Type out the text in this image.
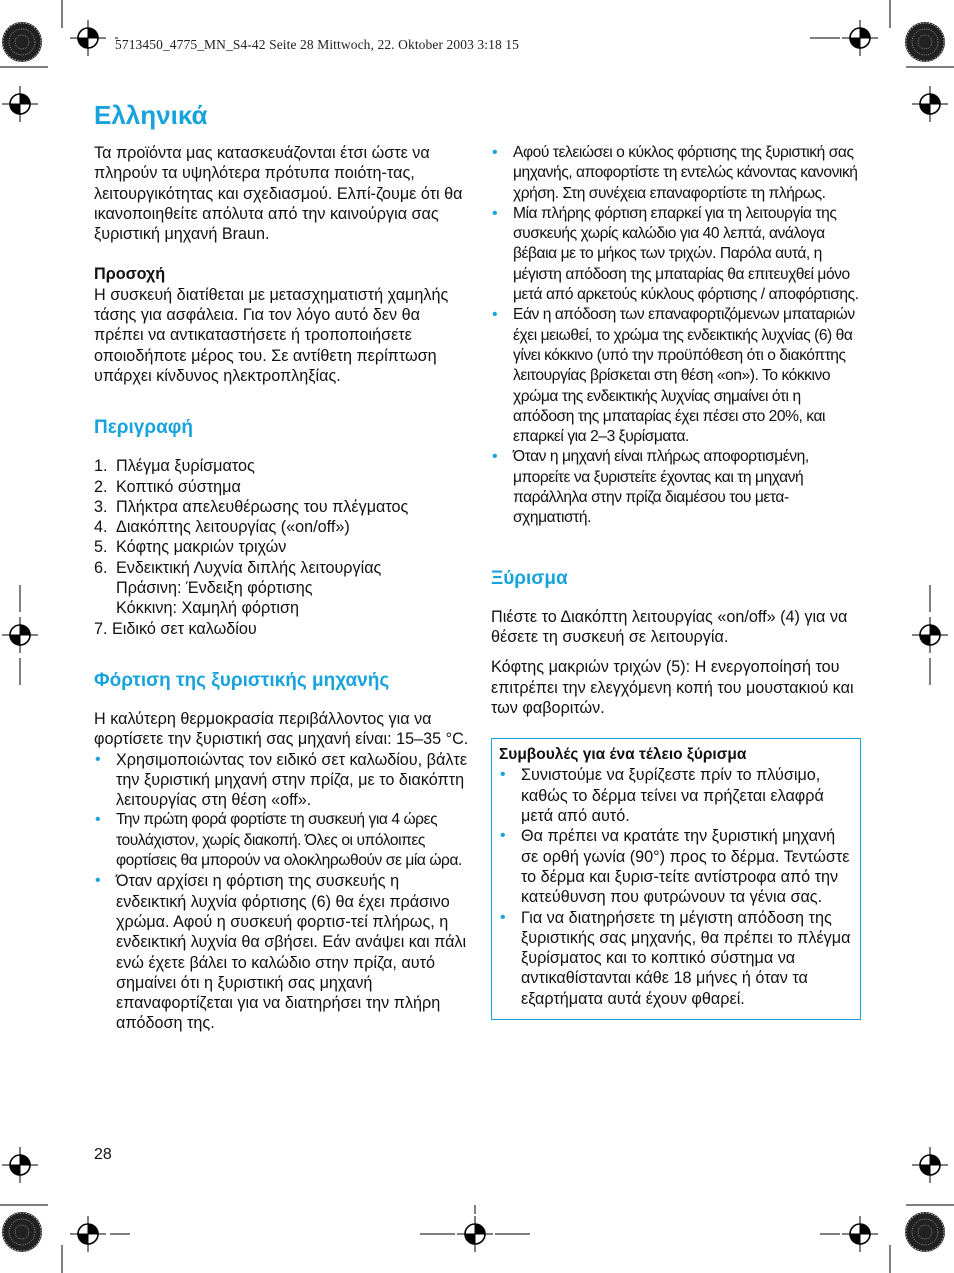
5713450_4775_MN_S4-42 Seite 28 Mittwoch, 22. Oktober 2003 3:18 15
Ελληνικά

Τα προϊόντα μας κατασκευάζονται έτσι ώστε να πληρούν τα υψηλότερα πρότυπα ποιότη-τας, λειτουργικότητας και σχεδιασμού. Ελπί-ζουμε ότι θα ικανοποιηθείτε απόλυτα από την καινούργια σας ξυριστική μηχανή Braun.

Προσοχή

Η συσκευή διατίθεται με μετασχηματιστή χαμηλής τάσης για ασφάλεια. Για τον λόγο αυτό δεν θα πρέπει να αντικαταστήσετε ή τροποποιήσετε οποιοδήποτε μέρος του. Σε αντίθετη περίπτωση υπάρχει κίνδυνος ηλεκτροπληξίας.

Περιγραφή
1. Πλέγμα ξυρίσματος
2. Κοπτικό σύστημα
3. Πλήκτρα απελευθέρωσης του πλέγματος
4. Διακόπτης λειτουργίας («on/off»)
5. Κόφτης μακριών τριχών
6. Ενδεικτική Λυχνία διπλής λειτουργίας
Πράσινη: Ένδειξη φόρτισης
Κόκκινη: Χαμηλή φόρτιση
7. Ειδικό σετ καλωδίου
Φόρτιση της ξυριστικής μηχανής

Η καλύτερη θερμοκρασία περιβάλλοντος για να φορτίσετε την ξυριστική σας μηχανή είναι: 15–35 °C.

• Χρησιμοποιώντας τον ειδικό σετ καλωδίου, βάλτε την ξυριστική μηχανή στην πρίζα, με το διακόπτη λειτουργίας στη θέση «off».
• Την πρώτη φορά φορτίστε τη συσκευή για 4 ώρες τουλάχιστον, χωρίς διακοπή. Όλες οι υπόλοιπες φορτίσεις θα μπορούν να ολοκληρωθούν σε μία ώρα.
• Όταν αρχίσει η φόρτιση της συσκευής η ενδεικτική λυχνία φόρτισης (6) θα έχει πράσινο χρώμα. Αφού η συσκευή φορτισ-τεί πλήρως, η ενδεικτική λυχνία θα σβήσει. Εάν ανάψει και πάλι ενώ έχετε βάλει το καλώδιο στην πρίζα, αυτό σημαίνει ότι η ξυριστική σας μηχανή επαναφορτίζεται για να διατηρήσει την πλήρη απόδοση της.
• Αφού τελειώσει ο κύκλος φόρτισης της ξυριστική σας μηχανής, αποφορτίστε τη εντελώς κάνοντας κανονική χρήση. Στη συνέχεια επαναφορτίστε τη πλήρως.
• Μία πλήρης φόρτιση επαρκεί για τη λειτουργία της συσκευής χωρίς καλώδιο για 40 λεπτά, ανάλογα βέβαια με το μήκος των τριχών. Παρόλα αυτά, η μέγιστη απόδοση της μπαταρίας θα επιτευχθεί μόνο μετά από αρκετούς κύκλους φόρτισης / αποφόρτισης.
• Εάν η απόδοση των επαναφορτιζόμενων μπαταριών έχει μειωθεί, το χρώμα της ενδεικτικής λυχνίας (6) θα γίνει κόκκινο (υπό την προϋπόθεση ότι ο διακόπτης λειτουργίας βρίσκεται στη θέση «on»). Το κόκκινο χρώμα της ενδεικτικής λυχνίας σημαίνει ότι η απόδοση της μπαταρίας έχει πέσει στο 20%, και επαρκεί για 2–3 ξυρίσματα.
• Όταν η μηχανή είναι πλήρως αποφορτισμένη, μπορείτε να ξυριστείτε έχοντας και τη μηχανή παράλληλα στην πρίζα διαμέσου του μετα-σχηματιστή.
Ξύρισμα

Πιέστε το Διακόπτη λειτουργίας «on/off» (4) για να θέσετε τη συσκευή σε λειτουργία.

Κόφτης μακριών τριχών (5): Η ενεργοποίησή του επιτρέπει την ελεγχόμενη κοπή του μουστακιού και των φαβοριτών.

Συμβουλές για ένα τέλειο ξύρισμα

• Συνιστούμε να ξυρίζεστε πρίν το πλύσιμο, καθώς το δέρμα τείνει να πρήζεται ελαφρά μετά από αυτό.
• Θα πρέπει να κρατάτε την ξυριστική μηχανή σε ορθή γωνία (90°) προς το δέρμα. Τεντώστε το δέρμα και ξυρισ-τείτε αντίστροφα από την κατεύθυνση που φυτρώνουν τα γένια σας.
• Για να διατηρήσετε τη μέγιστη απόδοση της ξυριστικής σας μηχανής, θα πρέπει το πλέγμα ξυρίσματος και το κοπτικό σύστημα να αντικαθίστανται κάθε 18 μήνες ή όταν τα εξαρτήματα αυτά έχουν φθαρεί.
28
